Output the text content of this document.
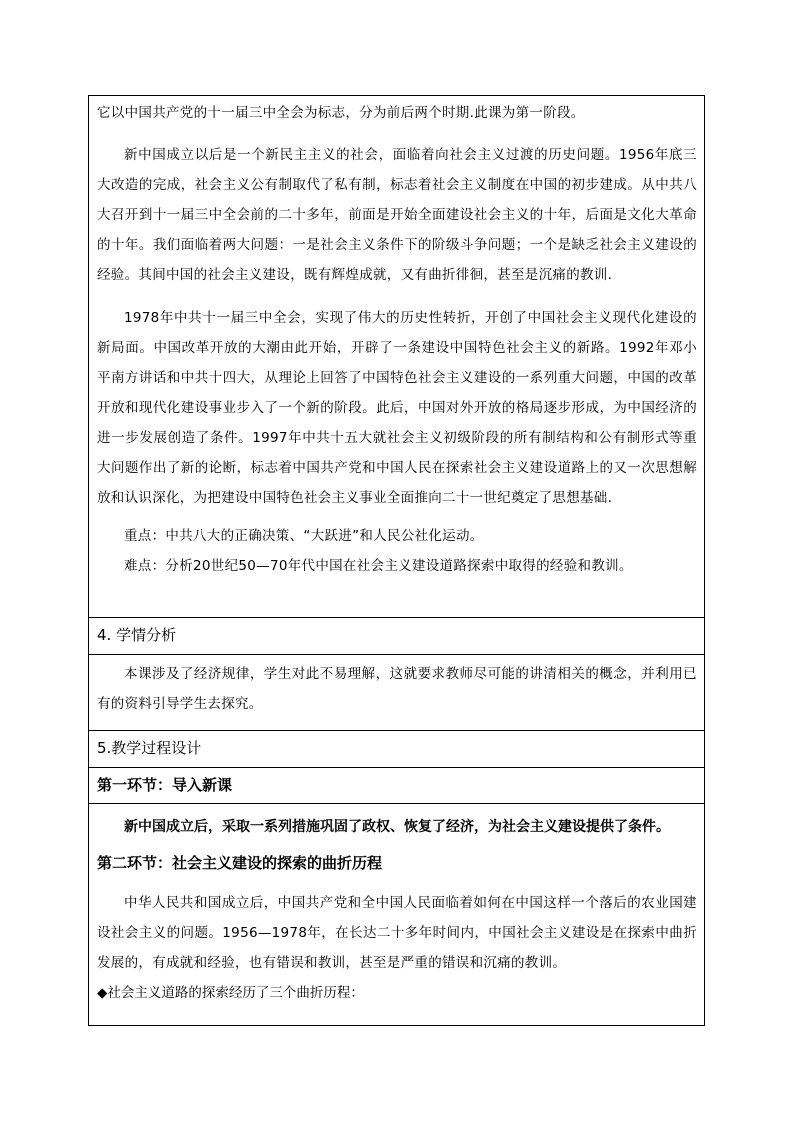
它以中国共产党的十一届三中全会为标志，分为前后两个时期.此课为第一阶段。

新中国成立以后是一个新民主主义的社会，面临着向社会主义过渡的历史问题。1956年底三大改造的完成，社会主义公有制取代了私有制，标志着社会主义制度在中国的初步建成。从中共八大召开到十一届三中全会前的二十多年，前面是开始全面建设社会主义的十年，后面是文化大革命的十年。我们面临着两大问题：一是社会主义条件下的阶级斗争问题；一个是缺乏社会主义建设的经验。其间中国的社会主义建设，既有辉煌成就，又有曲折徘徊，甚至是沉痛的教训.

1978年中共十一届三中全会，实现了伟大的历史性转折，开创了中国社会主义现代化建设的新局面。中国改革开放的大潮由此开始，开辟了一条建设中国特色社会主义的新路。1992年邓小平南方讲话和中共十四大，从理论上回答了中国特色社会主义建设的一系列重大问题，中国的改革开放和现代化建设事业步入了一个新的阶段。此后，中国对外开放的格局逐步形成，为中国经济的进一步发展创造了条件。1997年中共十五大就社会主义初级阶段的所有制结构和公有制形式等重大问题作出了新的论断，标志着中国共产党和中国人民在探索社会主义建设道路上的又一次思想解放和认识深化，为把建设中国特色社会主义事业全面推向二十一世纪奠定了思想基础.

重点：中共八大的正确决策、“大跃进”和人民公社化运动。

难点：分析20世纪50—70年代中国在社会主义建设道路探索中取得的经验和教训。

4. 学情分析

本课涉及了经济规律，学生对此不易理解，这就要求教师尽可能的讲清相关的概念，并利用已有的资料引导学生去探究。

5.教学过程设计

第一环节：导入新课

新中国成立后，采取一系列措施巩固了政权、恢复了经济，为社会主义建设提供了条件。

第二环节：社会主义建设的探索的曲折历程

中华人民共和国成立后，中国共产党和全中国人民面临着如何在中国这样一个落后的农业国建设社会主义的问题。1956—1978年，在长达二十多年时间内，中国社会主义建设是在探索中曲折发展的，有成就和经验，也有错误和教训，甚至是严重的错误和沉痛的教训。

◆社会主义道路的探索经历了三个曲折历程：
